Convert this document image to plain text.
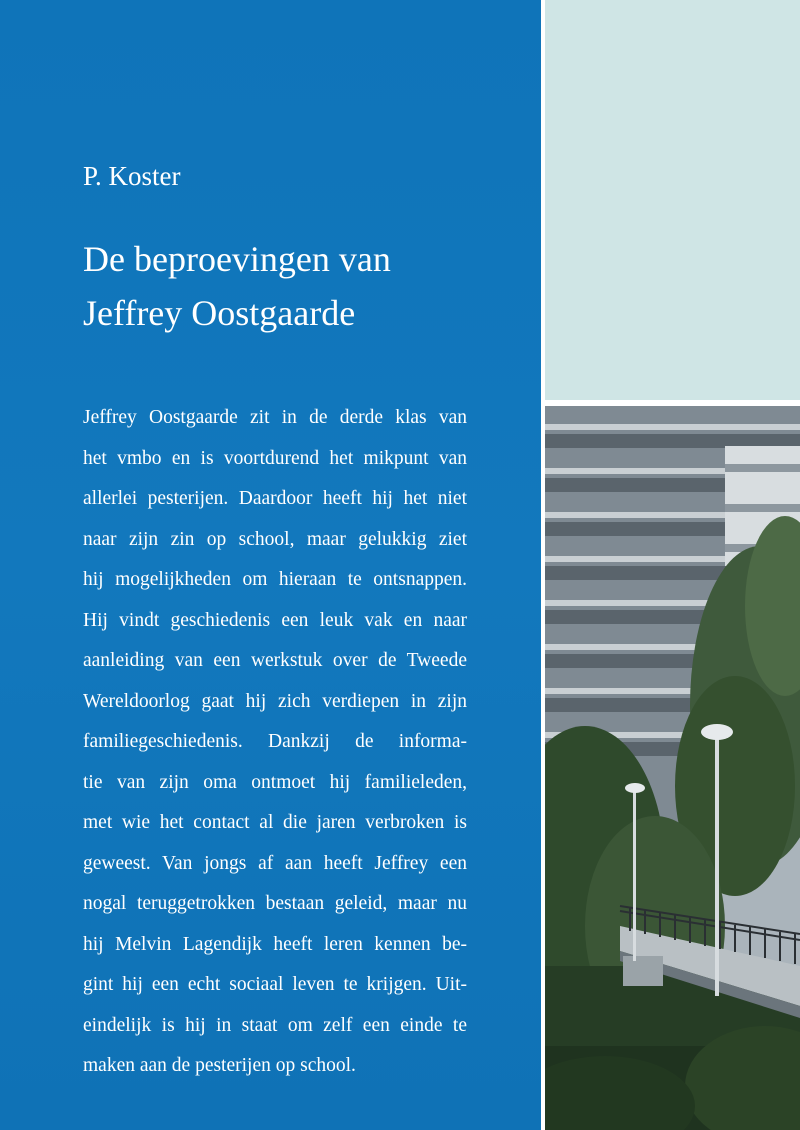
P. Koster
De beproevingen van
Jeffrey Oostgaarde
Jeffrey Oostgaarde zit in de derde klas van
het vmbo en is voortdurend het mikpunt van
allerlei pesterijen. Daardoor heeft hij het niet
naar zijn zin op school, maar gelukkig ziet
hij mogelijkheden om hieraan te ontsnappen.
Hij vindt geschiedenis een leuk vak en naar
aanleiding van een werkstuk over de Tweede
Wereldoorlog gaat hij zich verdiepen in zijn
familiegeschiedenis. Dankzij de informa-
tie van zijn oma ontmoet hij familieleden,
met wie het contact al die jaren verbroken is
geweest. Van jongs af aan heeft Jeffrey een
nogal teruggetrokken bestaan geleid, maar nu
hij Melvin Lagendijk heeft leren kennen be-
gint hij een echt sociaal leven te krijgen. Uit-
eindelijk is hij in staat om zelf een einde te
maken aan de pesterijen op school.
